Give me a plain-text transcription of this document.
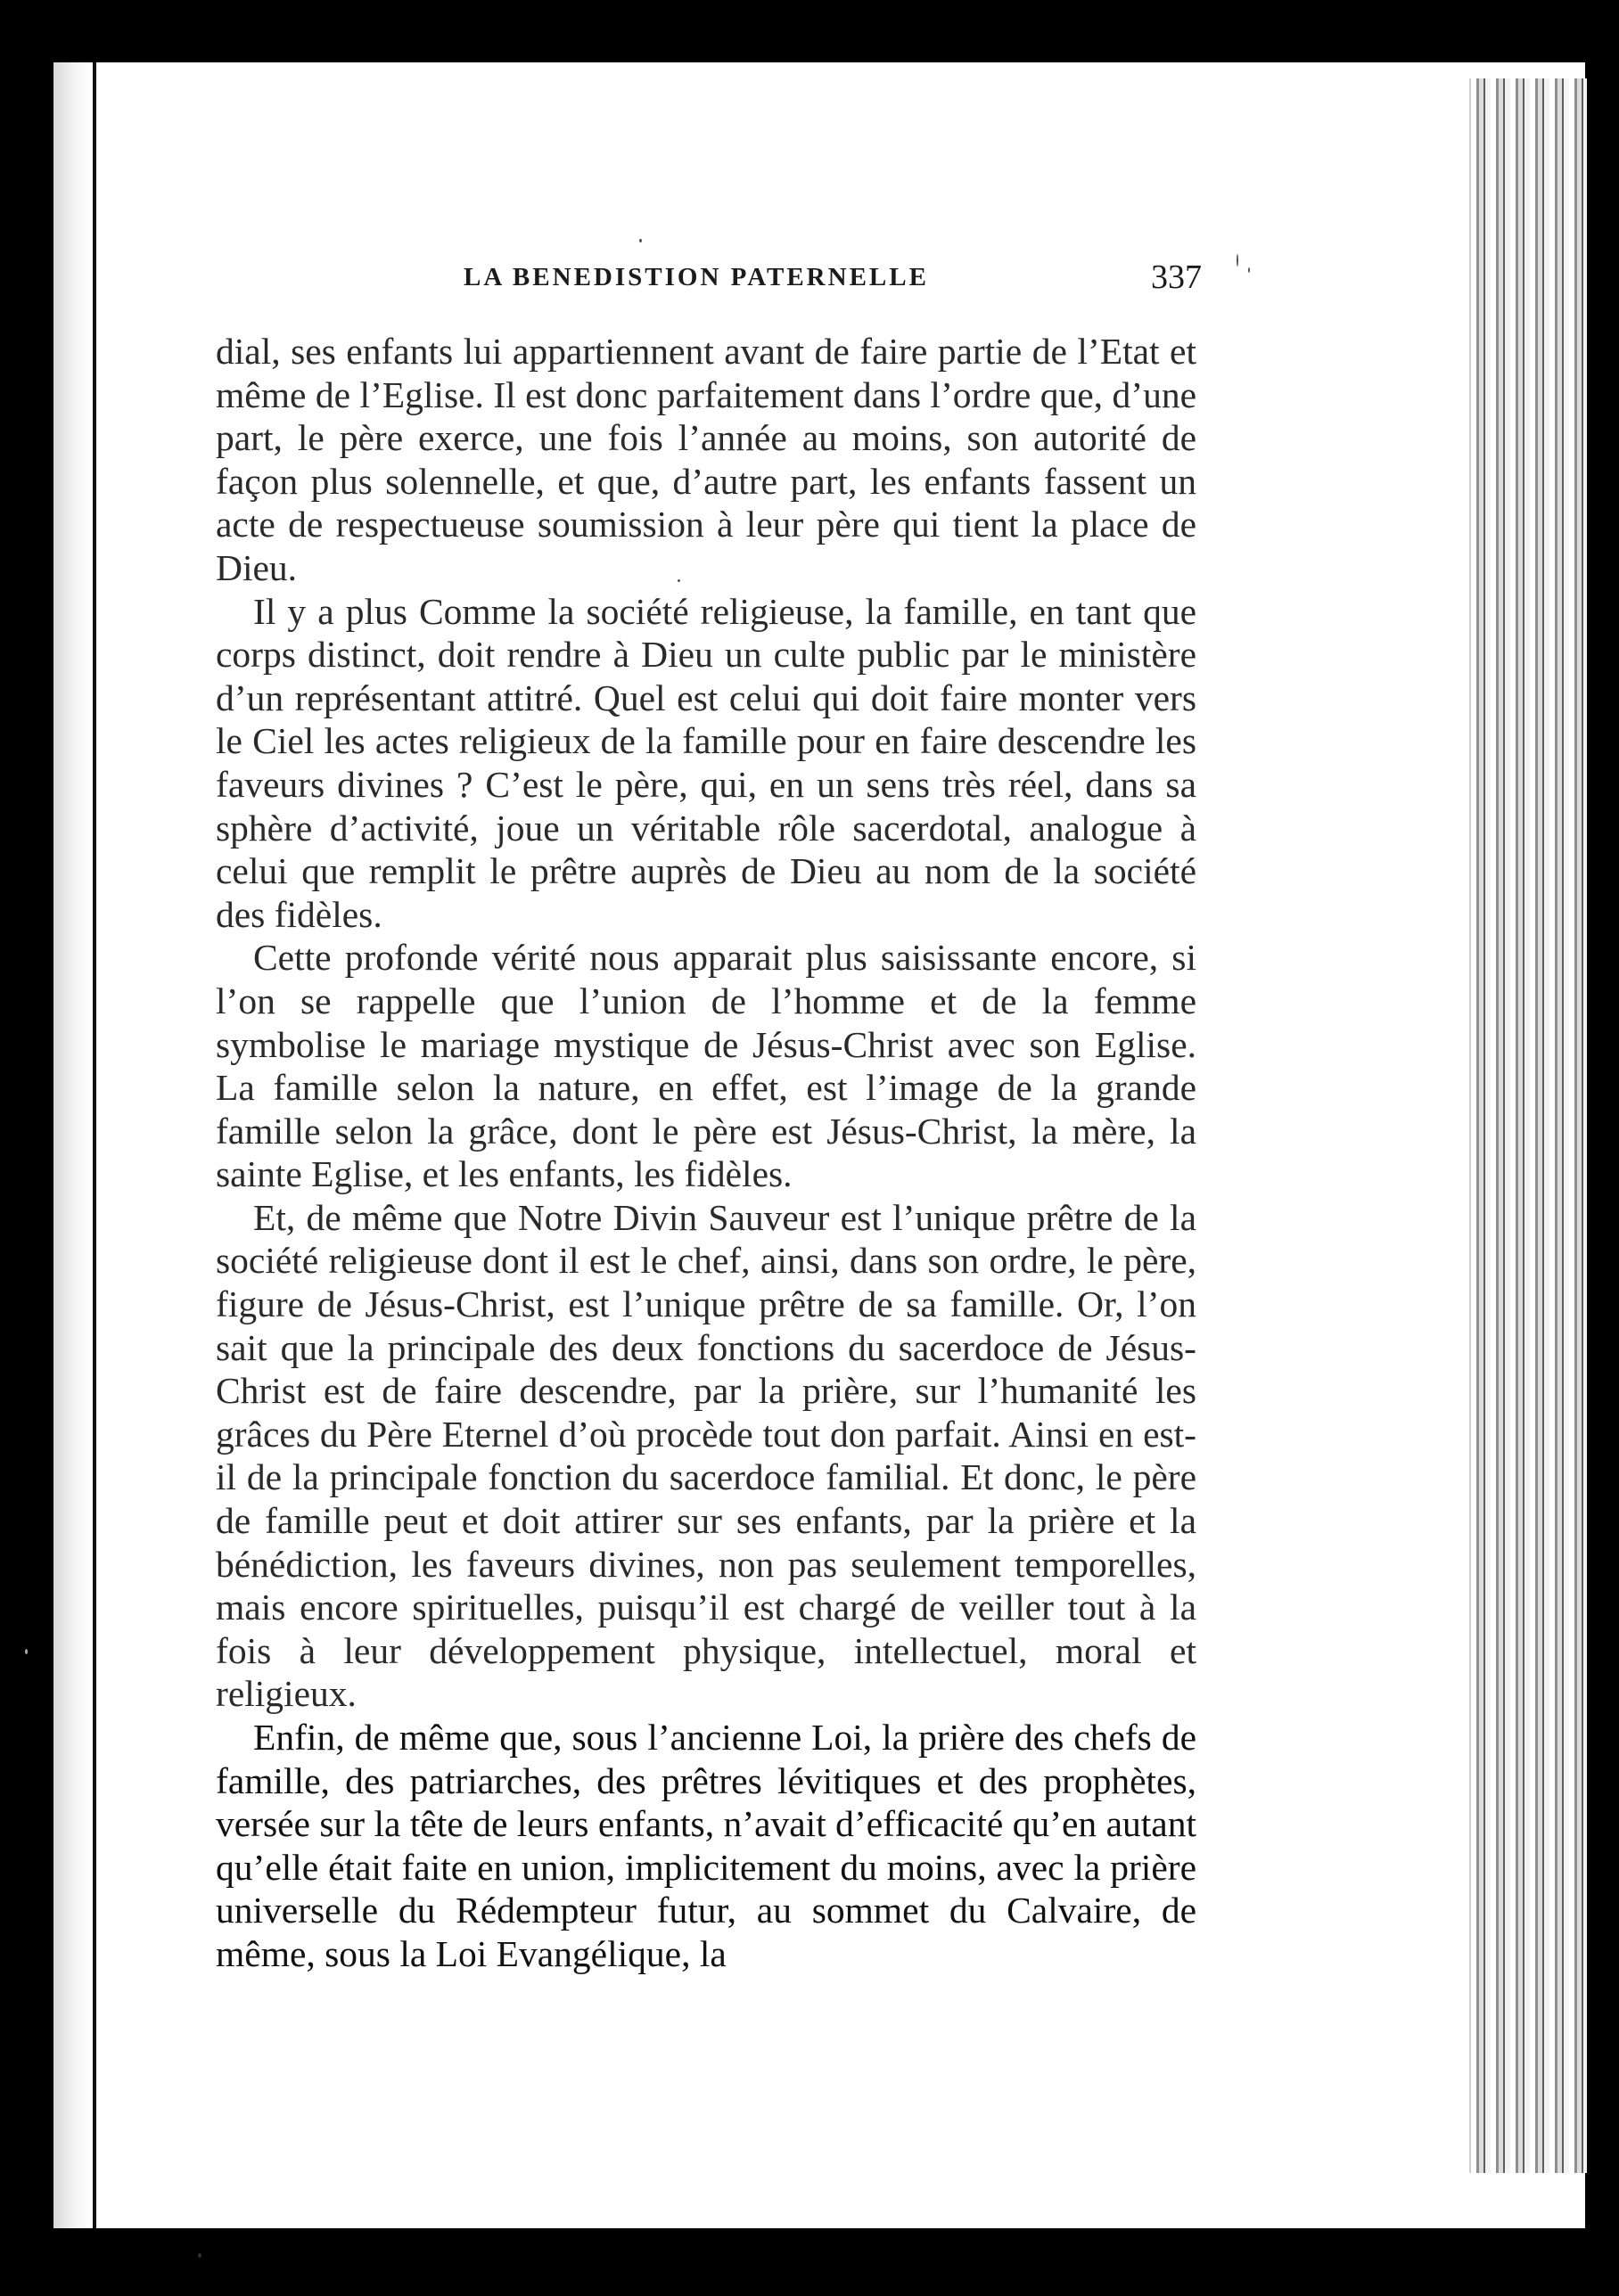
LA BENEDISTION PATERNELLE	337

dial, ses enfants lui appartiennent avant de faire partie de l’Etat et même de l’Eglise. Il est donc parfaitement dans l’ordre que, d’une part, le père exerce, une fois l’année au moins, son autorité de façon plus solennelle, et que, d’autre part, les enfants fassent un acte de respectueuse soumission à leur père qui tient la place de Dieu.

Il y a plus Comme la société religieuse, la famille, en tant que corps distinct, doit rendre à Dieu un culte public par le ministère d’un représentant attitré. Quel est celui qui doit faire monter vers le Ciel les actes religieux de la famille pour en faire descendre les faveurs divines ? C’est le père, qui, en un sens très réel, dans sa sphère d’activité, joue un véritable rôle sacerdotal, analogue à celui que remplit le prêtre auprès de Dieu au nom de la société des fidèles.

Cette profonde vérité nous apparait plus saisissante encore, si l’on se rappelle que l’union de l’homme et de la femme symbolise le mariage mystique de Jésus-Christ avec son Eglise. La famille selon la nature, en effet, est l’image de la grande famille selon la grâce, dont le père est Jésus-Christ, la mère, la sainte Eglise, et les enfants, les fidèles.

Et, de même que Notre Divin Sauveur est l’unique prêtre de la société religieuse dont il est le chef, ainsi, dans son ordre, le père, figure de Jésus-Christ, est l’unique prêtre de sa famille. Or, l’on sait que la principale des deux fonctions du sacerdoce de Jésus-Christ est de faire descendre, par la prière, sur l’humanité les grâces du Père Eternel d’où procède tout don parfait. Ainsi en est-il de la principale fonction du sacerdoce familial. Et donc, le père de famille peut et doit attirer sur ses enfants, par la prière et la bénédiction, les faveurs divines, non pas seulement temporelles, mais encore spirituelles, puisqu’il est chargé de veiller tout à la fois à leur développement physique, intellectuel, moral et religieux.

Enfin, de même que, sous l’ancienne Loi, la prière des chefs de famille, des patriarches, des prêtres lévitiques et des prophètes, versée sur la tête de leurs enfants, n’avait d’efficacité qu’en autant qu’elle était faite en union, implicitement du moins, avec la prière universelle du Rédempteur futur, au sommet du Calvaire, de même, sous la Loi Evangélique, la
